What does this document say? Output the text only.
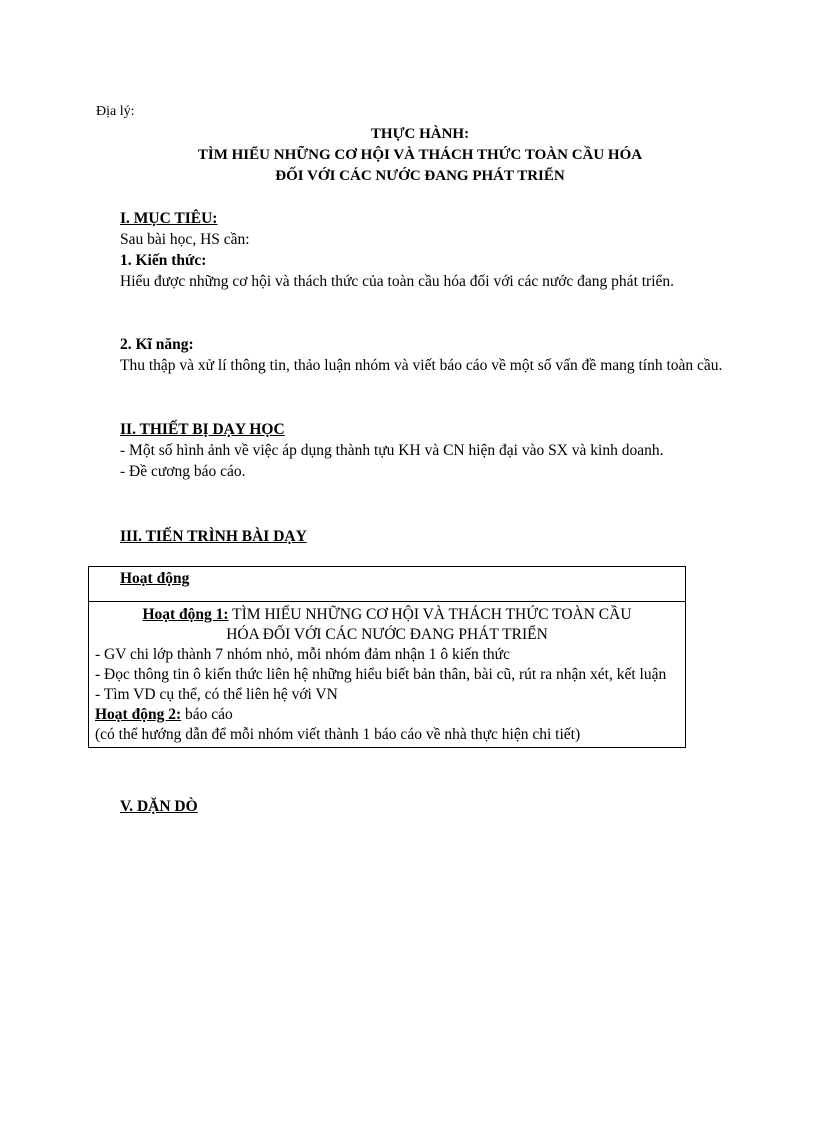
Địa lý:
THỰC HÀNH:
TÌM HIỂU NHỮNG CƠ HỘI VÀ THÁCH THỨC TOÀN CẦU HÓA
ĐỐI VỚI CÁC NƯỚC ĐANG PHÁT TRIỂN
I. MỤC TIÊU:
Sau bài học, HS cần:
1. Kiến thức:
Hiểu được những cơ hội và thách thức của toàn cầu hóa đối với các nước đang phát triển.
2. Kĩ năng:
Thu thập và xử lí thông tin, thảo luận nhóm và viết báo cáo về một số vấn đề mang tính toàn cầu.
II. THIẾT BỊ DẠY HỌC
- Một số hình ảnh về việc áp dụng thành tựu KH và CN hiện đại vào SX và kinh doanh.
- Đề cương báo cáo.
III. TIẾN TRÌNH BÀI DẠY
Hoạt động

Hoạt động 1: TÌM HIỂU NHỮNG CƠ HỘI VÀ THÁCH THỨC TOÀN CẦU
HÓA ĐỐI VỚI CÁC NƯỚC ĐANG PHÁT TRIỂN
- GV chi lớp thành 7 nhóm nhỏ, mỗi nhóm đảm nhận 1 ô kiến thức
- Đọc thông tin ô kiến thức liên hệ những hiểu biết bản thân, bài cũ, rút ra nhận xét, kết luận
- Tìm VD cụ thể, có thể liên hệ với VN
Hoạt động 2: báo cáo
(có thể hướng dẫn để mỗi nhóm viết thành 1 báo cáo về nhà thực hiện chi tiết)
V. DẶN DÒ
